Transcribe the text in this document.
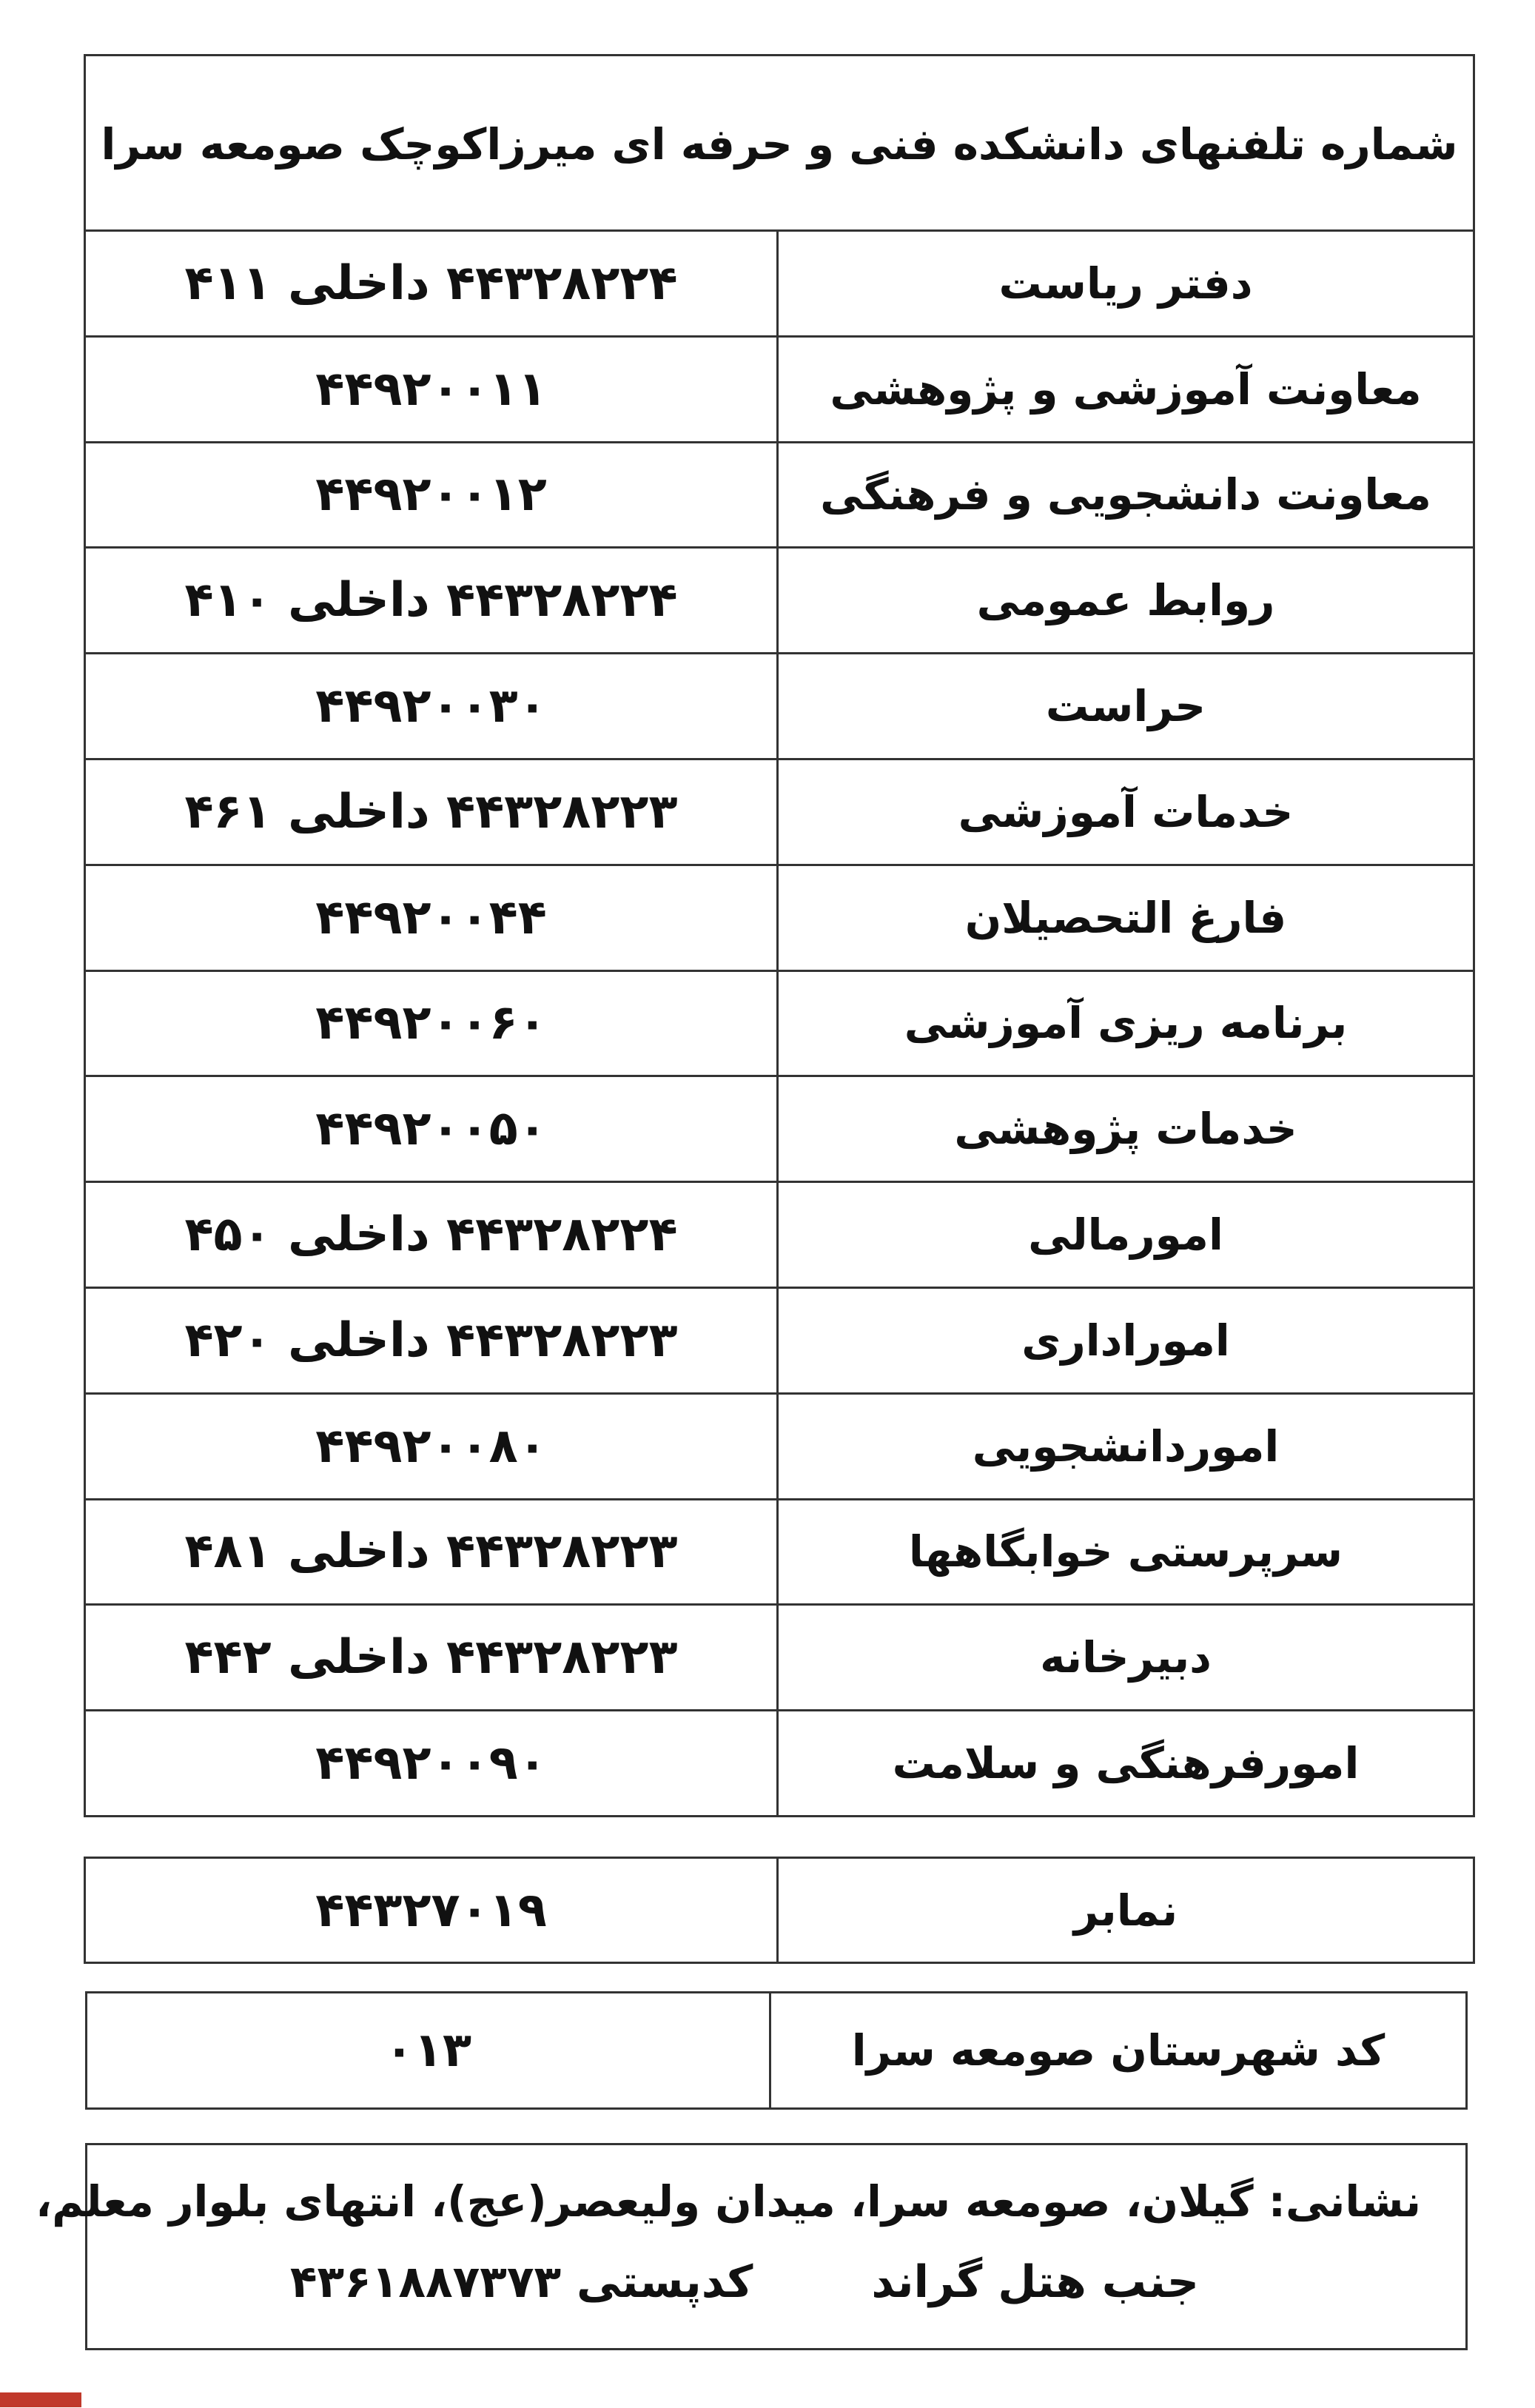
شماره تلفنهای دانشکده فنی و حرفه ای میرزاکوچک صومعه سرا
دفتر ریاست	۴۴۳۲۸۲۲۴ داخلی ۴۱۱
معاونت آموزشی و پژوهشی	۴۴۹۲۰۰۱۱
معاونت دانشجویی و فرهنگی	۴۴۹۲۰۰۱۲
روابط عمومی	۴۴۳۲۸۲۲۴ داخلی ۴۱۰
حراست	۴۴۹۲۰۰۳۰
خدمات آموزشی	۴۴۳۲۸۲۲۳ داخلی ۴۶۱
فارغ التحصیلان	۴۴۹۲۰۰۴۴
برنامه ریزی آموزشی	۴۴۹۲۰۰۶۰
خدمات پژوهشی	۴۴۹۲۰۰۵۰
امورمالی	۴۴۳۲۸۲۲۴ داخلی ۴۵۰
اموراداری	۴۴۳۲۸۲۲۳ داخلی ۴۲۰
اموردانشجویی	۴۴۹۲۰۰۸۰
سرپرستی خوابگاهها	۴۴۳۲۸۲۲۳ داخلی ۴۸۱
دبیرخانه	۴۴۳۲۸۲۲۳ داخلی ۴۴۲
امورفرهنگی و سلامت	۴۴۹۲۰۰۹۰
نمابر	۴۴۳۲۷۰۱۹
کد شهرستان صومعه سرا	۰۱۳
نشانی: گیلان، صومعه سرا، میدان ولیعصر(عج)، انتهای بلوار معلم،
جنب هتل گراندکدپستی ۴۳۶۱۸۸۷۳۷۳
